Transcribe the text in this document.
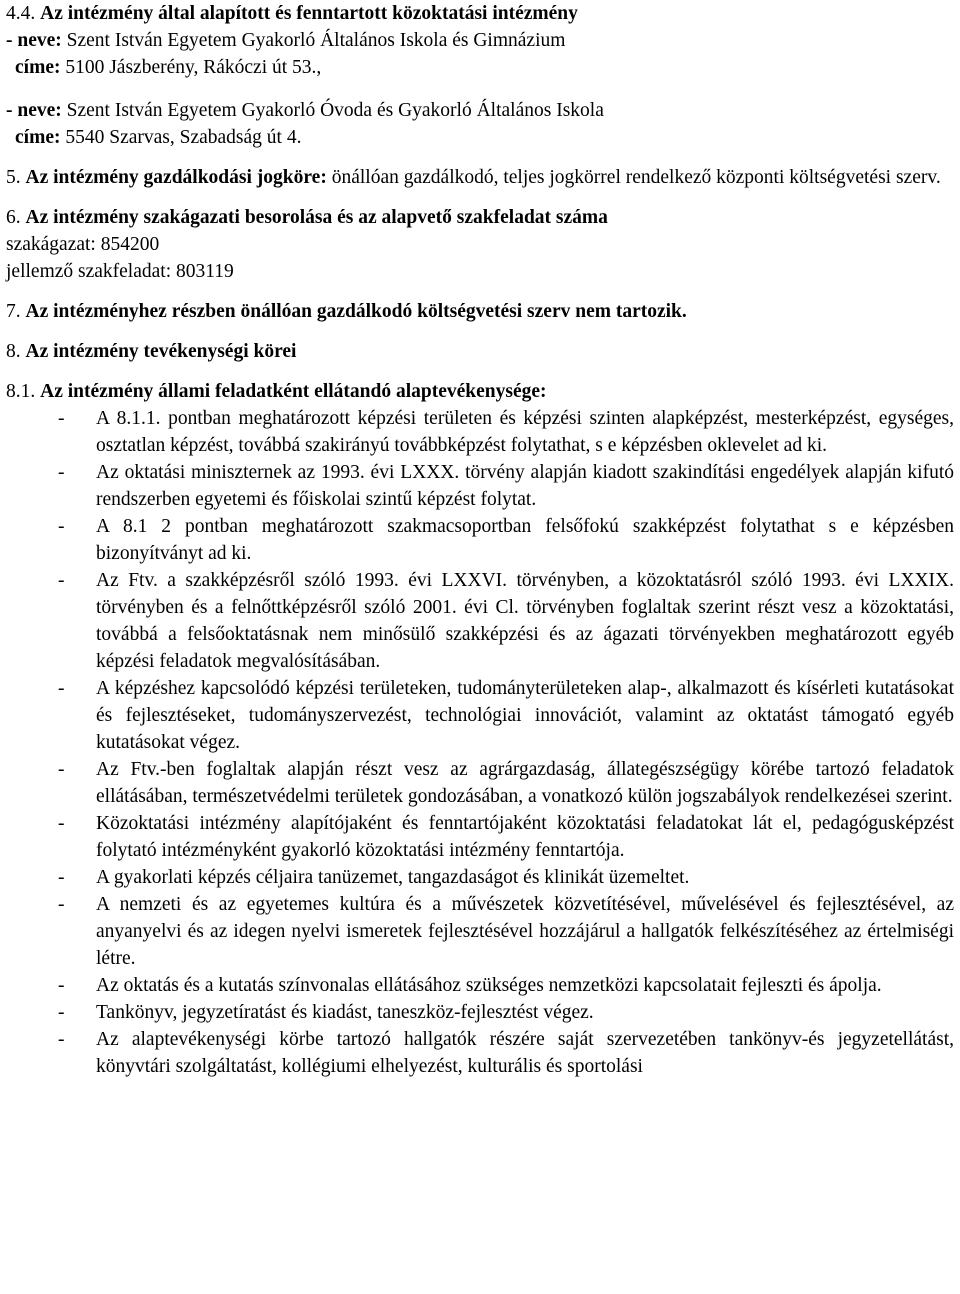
4.4. Az intézmény által alapított és fenntartott közoktatási intézmény

- neve: Szent István Egyetem Gyakorló Általános Iskola és Gimnázium

címe: 5100 Jászberény, Rákóczi út 53.,

- neve: Szent István Egyetem Gyakorló Óvoda és Gyakorló Általános Iskola

címe: 5540 Szarvas, Szabadság út 4.

5. Az intézmény gazdálkodási jogköre: önállóan gazdálkodó, teljes jogkörrel rendelkező központi költségvetési szerv.

6. Az intézmény szakágazati besorolása és az alapvető szakfeladat száma

szakágazat: 854200

jellemző szakfeladat: 803119

7. Az intézményhez részben önállóan gazdálkodó költségvetési szerv nem tartozik.

8. Az intézmény tevékenységi körei

8.1. Az intézmény állami feladatként ellátandó alaptevékenysége:

- A 8.1.1. pontban meghatározott képzési területen és képzési szinten alapképzést, mesterképzést, egységes, osztatlan képzést, továbbá szakirányú továbbképzést folytathat, s e képzésben oklevelet ad ki.
- Az oktatási miniszternek az 1993. évi LXXX. törvény alapján kiadott szakindítási engedélyek alapján kifutó rendszerben egyetemi és főiskolai szintű képzést folytat.
- A 8.1 2 pontban meghatározott szakmacsoportban felsőfokú szakképzést folytathat s e képzésben bizonyítványt ad ki.
- Az Ftv. a szakképzésről szóló 1993. évi LXXVI. törvényben, a közoktatásról szóló 1993. évi LXXIX. törvényben és a felnőttképzésről szóló 2001. évi Cl. törvényben foglaltak szerint részt vesz a közoktatási, továbbá a felsőoktatásnak nem minősülő szakképzési és az ágazati törvényekben meghatározott egyéb képzési feladatok megvalósításában.
- A képzéshez kapcsolódó képzési területeken, tudományterületeken alap-, alkalmazott és kísérleti kutatásokat és fejlesztéseket, tudományszervezést, technológiai innovációt, valamint az oktatást támogató egyéb kutatásokat végez.
- Az Ftv.-ben foglaltak alapján részt vesz az agrárgazdaság, állategészségügy körébe tartozó feladatok ellátásában, természetvédelmi területek gondozásában, a vonatkozó külön jogszabályok rendelkezései szerint.
- Közoktatási intézmény alapítójaként és fenntartójaként közoktatási feladatokat lát el, pedagógusképzést folytató intézményként gyakorló közoktatási intézmény fenntartója.
- A gyakorlati képzés céljaira tanüzemet, tangazdaságot és klinikát üzemeltet.
- A nemzeti és az egyetemes kultúra és a művészetek közvetítésével, művelésével és fejlesztésével, az anyanyelvi és az idegen nyelvi ismeretek fejlesztésével hozzájárul a hallgatók felkészítéséhez az értelmiségi létre.
- Az oktatás és a kutatás színvonalas ellátásához szükséges nemzetközi kapcsolatait fejleszti és ápolja.
- Tankönyv, jegyzetíratást és kiadást, taneszköz-fejlesztést végez.
- Az alaptevékenységi körbe tartozó hallgatók részére saját szervezetében tankönyv-és jegyzetellátást, könyvtári szolgáltatást, kollégiumi elhelyezést, kulturális és sportolási
